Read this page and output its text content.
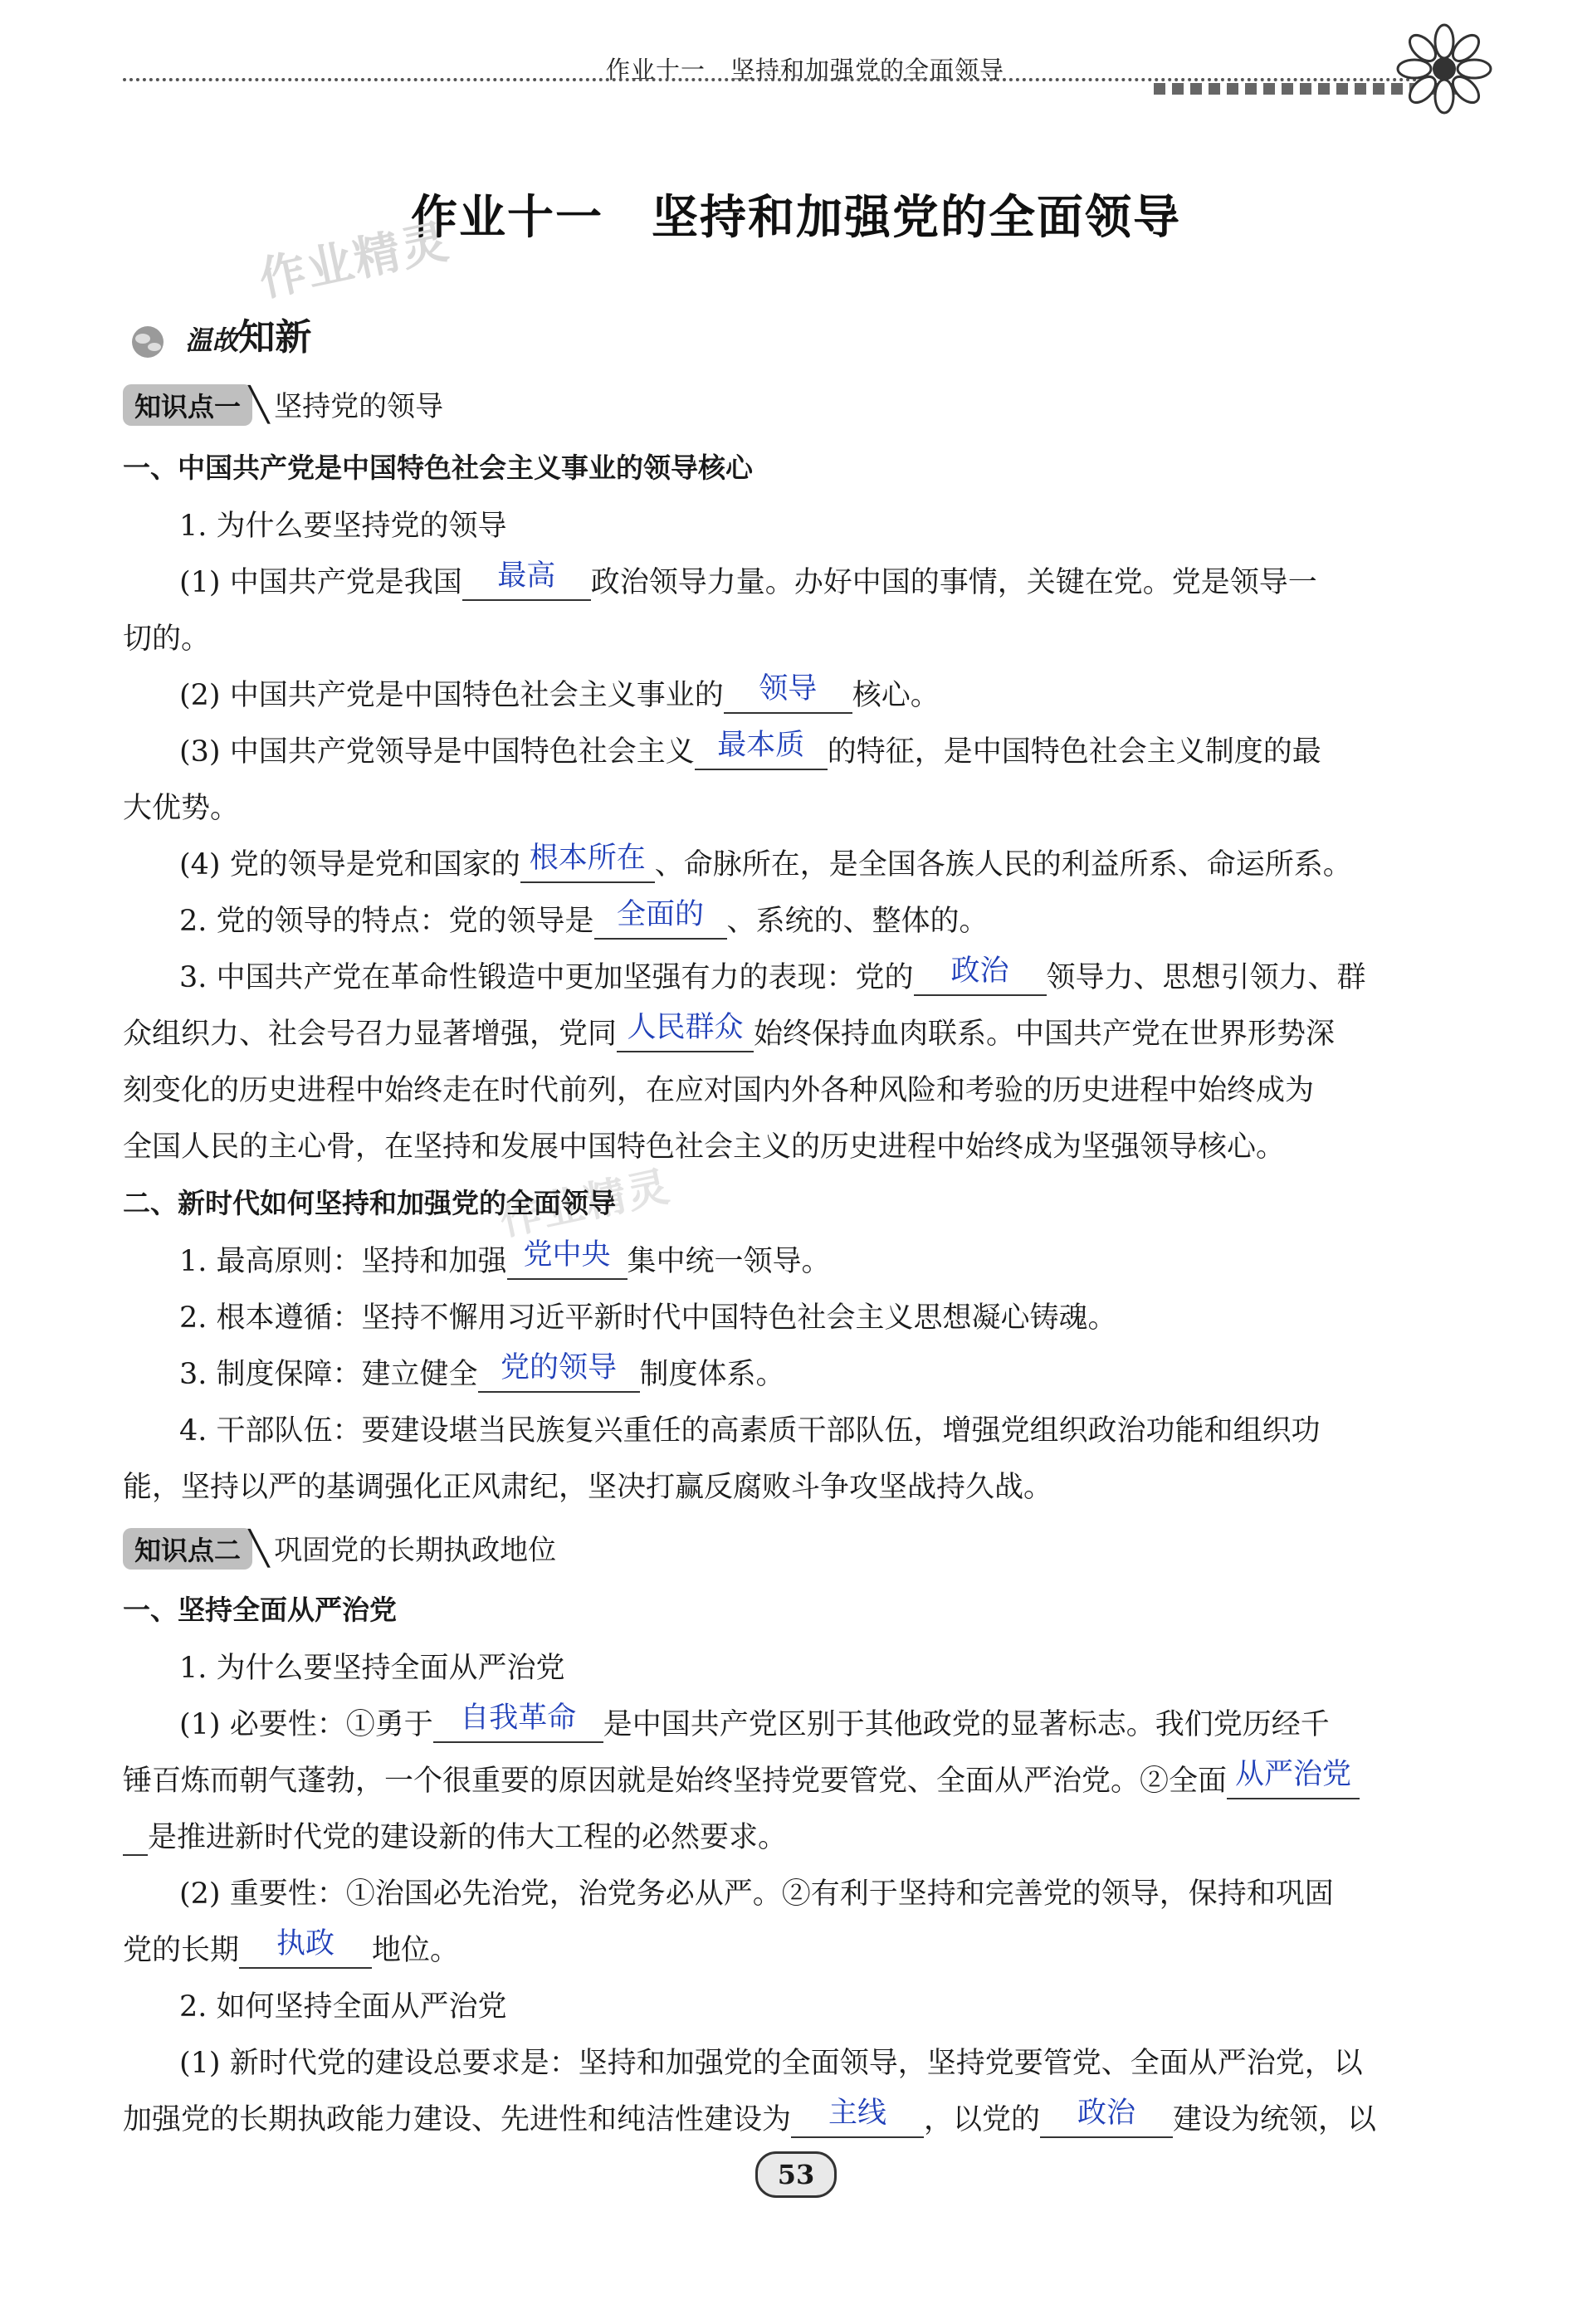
作业十一　坚持和加强党的全面领导
作业十一　坚持和加强党的全面领导
作业精灵
作业精灵
温故知新
知识点一 ╲ 坚持党的领导
一、中国共产党是中国特色社会主义事业的领导核心
1. 为什么要坚持党的领导
(1) 中国共产党是我国	最高	政治领导力量。办好中国的事情，关键在党。党是领导一
切的。
(2) 中国共产党是中国特色社会主义事业的	领导	核心。
(3) 中国共产党领导是中国特色社会主义 最本质 的特征，是中国特色社会主义制度的最
大优势。
(4) 党的领导是党和国家的 根本所在 、命脉所在，是全国各族人民的利益所系、命运所系。
2. 党的领导的特点：党的领导是 全面的 、系统的、整体的。
3. 中国共产党在革命性锻造中更加坚强有力的表现：党的	政治	领导力、思想引领力、群
众组织力、社会号召力显著增强，党同 人民群众 始终保持血肉联系。中国共产党在世界形势深
刻变化的历史进程中始终走在时代前列，在应对国内外各种风险和考验的历史进程中始终成为
全国人民的主心骨，在坚持和发展中国特色社会主义的历史进程中始终成为坚强领导核心。
二、新时代如何坚持和加强党的全面领导
1. 最高原则：坚持和加强 党中央 集中统一领导。
2. 根本遵循：坚持不懈用习近平新时代中国特色社会主义思想凝心铸魂。
3. 制度保障：建立健全 党的领导 制度体系。
4. 干部队伍：要建设堪当民族复兴重任的高素质干部队伍，增强党组织政治功能和组织功
能，坚持以严的基调强化正风肃纪，坚决打赢反腐败斗争攻坚战持久战。
知识点二 ╲ 巩固党的长期执政地位
一、坚持全面从严治党
1. 为什么要坚持全面从严治党
(1) 必要性：①勇于 自我革命 是中国共产党区别于其他政党的显著标志。我们党历经千
锤百炼而朝气蓬勃，一个很重要的原因就是始终坚持党要管党、全面从严治党。②全面 从严治党
是推进新时代党的建设新的伟大工程的必然要求。
(2) 重要性：①治国必先治党，治党务必从严。②有利于坚持和完善党的领导，保持和巩固
党的长期	执政	地位。
2. 如何坚持全面从严治党
(1) 新时代党的建设总要求是：坚持和加强党的全面领导，坚持党要管党、全面从严治党，以
加强党的长期执政能力建设、先进性和纯洁性建设为	主线	，以党的	政治	建设为统领，以
53
